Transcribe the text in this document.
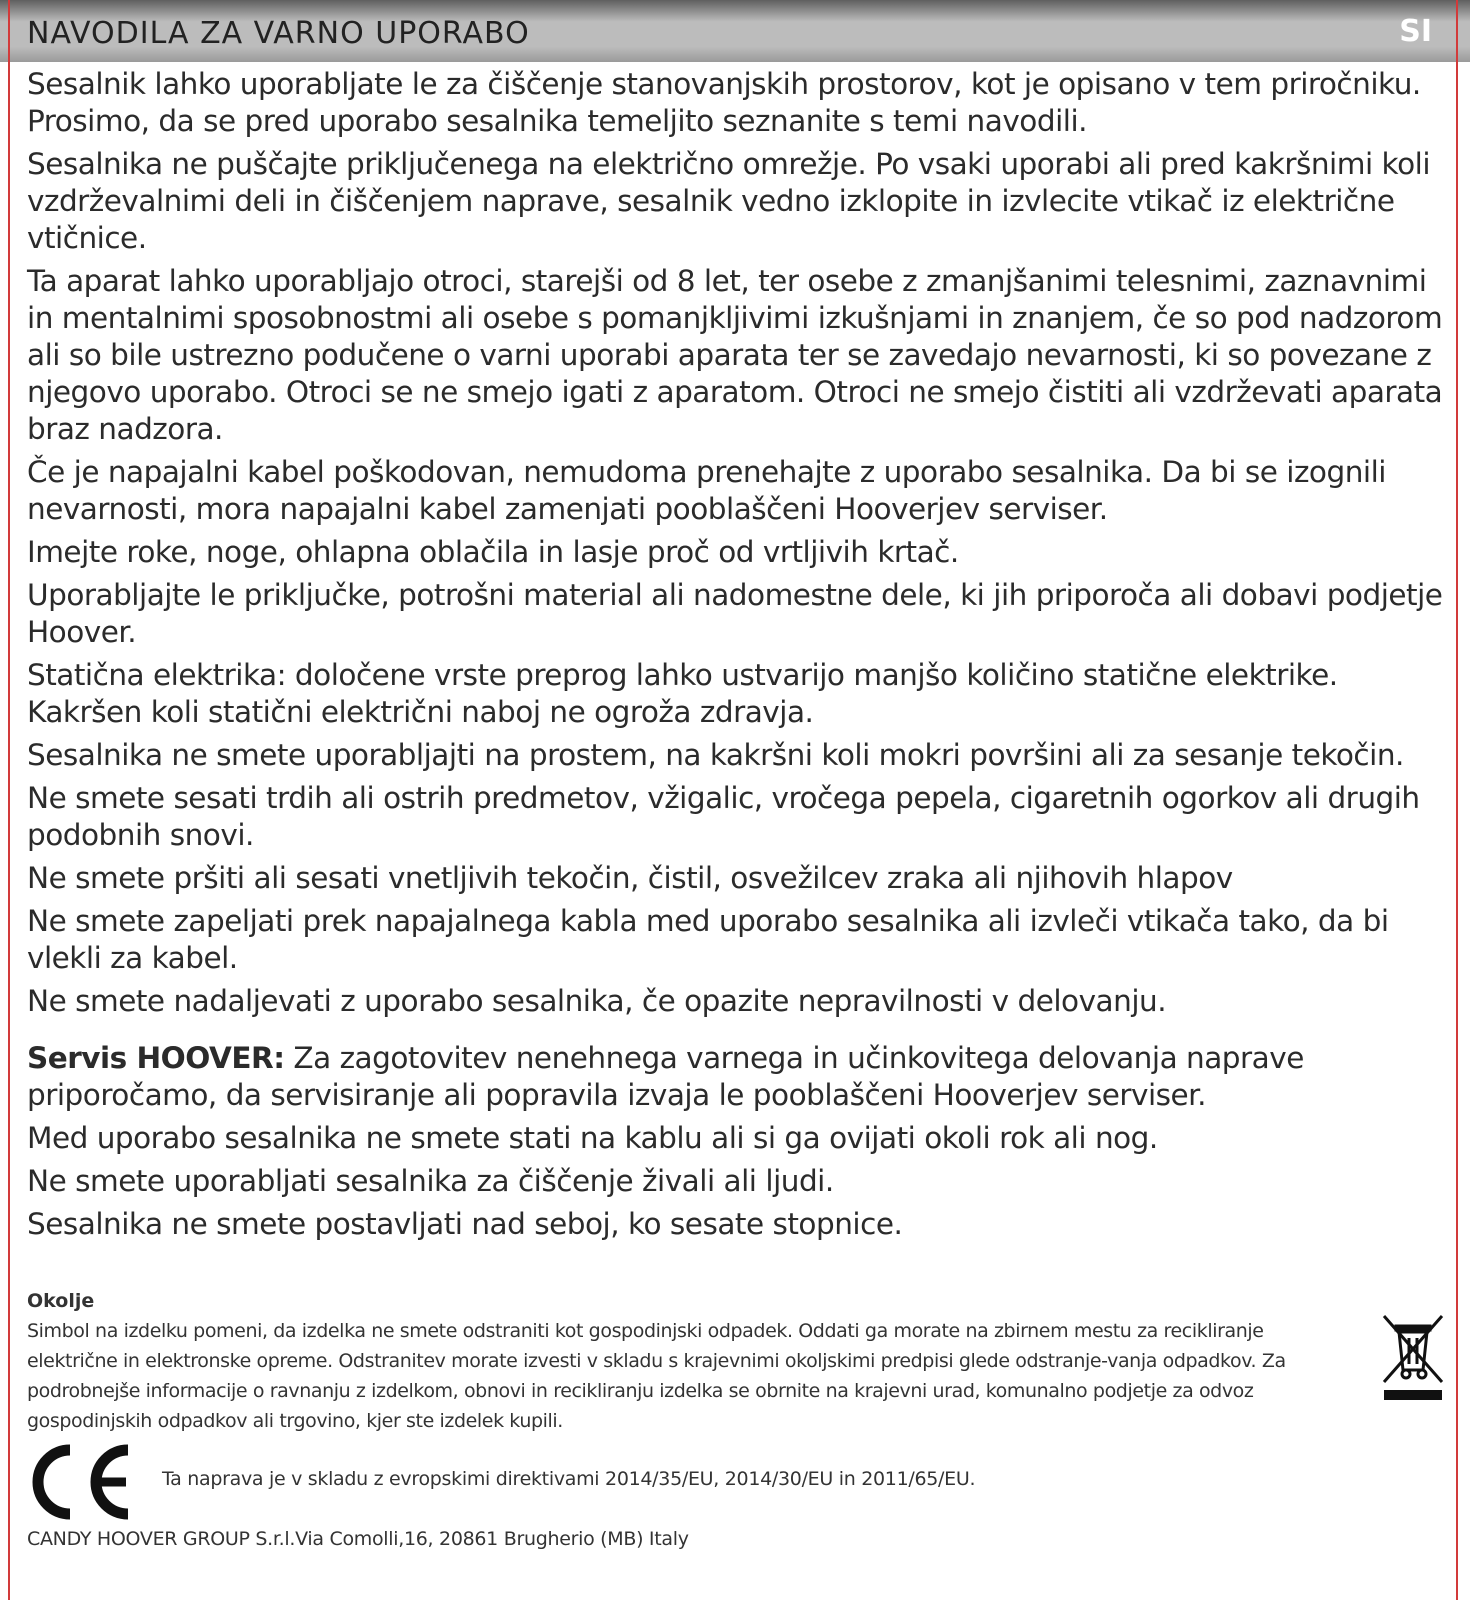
NAVODILA ZA VARNO UPORABO	SI

Sesalnik lahko uporabljate le za čiščenje stanovanjskih prostorov, kot je opisano v tem priročniku. Prosimo, da se pred uporabo sesalnika temeljito seznanite s temi navodili.

Sesalnika ne puščajte priključenega na električno omrežje. Po vsaki uporabi ali pred kakršnimi koli vzdrževalnimi deli in čiščenjem naprave, sesalnik vedno izklopite in izvlecite vtikač iz električne vtičnice.

Ta aparat lahko uporabljajo otroci, starejši od 8 let, ter osebe z zmanjšanimi telesnimi, zaznavnimi in mentalnimi sposobnostmi ali osebe s pomanjkljivimi izkušnjami in znanjem, če so pod nadzorom ali so bile ustrezno podučene o varni uporabi aparata ter se zavedajo nevarnosti, ki so povezane z njegovo uporabo. Otroci se ne smejo igati z aparatom. Otroci ne smejo čistiti ali vzdrževati aparata braz nadzora.

Če je napajalni kabel poškodovan, nemudoma prenehajte z uporabo sesalnika. Da bi se izognili nevarnosti, mora napajalni kabel zamenjati pooblaščeni Hooverjev serviser.

Imejte roke, noge, ohlapna oblačila in lasje proč od vrtljivih krtač.

Uporabljajte le priključke, potrošni material ali nadomestne dele, ki jih priporoča ali dobavi podjetje Hoover.

Statična elektrika: določene vrste preprog lahko ustvarijo manjšo količino statične elektrike. Kakršen koli statični električni naboj ne ogroža zdravja.

Sesalnika ne smete uporabljajti na prostem, na kakršni koli mokri površini ali za sesanje tekočin.

Ne smete sesati trdih ali ostrih predmetov, vžigalic, vročega pepela, cigaretnih ogorkov ali drugih podobnih snovi.

Ne smete pršiti ali sesati vnetljivih tekočin, čistil, osvežilcev zraka ali njihovih hlapov

Ne smete zapeljati prek napajalnega kabla med uporabo sesalnika ali izvleči vtikača tako, da bi vlekli za kabel.

Ne smete nadaljevati z uporabo sesalnika, če opazite nepravilnosti v delovanju.

Servis HOOVER: Za zagotovitev nenehnega varnega in učinkovitega delovanja naprave priporočamo, da servisiranje ali popravila izvaja le pooblaščeni Hooverjev serviser.

Med uporabo sesalnika ne smete stati na kablu ali si ga ovijati okoli rok ali nog.

Ne smete uporabljati sesalnika za čiščenje živali ali ljudi.

Sesalnika ne smete postavljati nad seboj, ko sesate stopnice.

Okolje

Simbol na izdelku pomeni, da izdelka ne smete odstraniti kot gospodinjski odpadek. Oddati ga morate na zbirnem mestu za recikliranje električne in elektronske opreme. Odstranitev morate izvesti v skladu s krajevnimi okoljskimi predpisi glede odstranje-vanja odpadkov. Za podrobnejše informacije o ravnanju z izdelkom, obnovi in recikliranju izdelka se obrnite na krajevni urad, komunalno podjetje za odvoz gospodinjskih odpadkov ali trgovino, kjer ste izdelek kupili.

Ta naprava je v skladu z evropskimi direktivami 2014/35/EU, 2014/30/EU in 2011/65/EU.
CANDY HOOVER GROUP S.r.l.Via Comolli,16, 20861 Brugherio (MB) Italy
